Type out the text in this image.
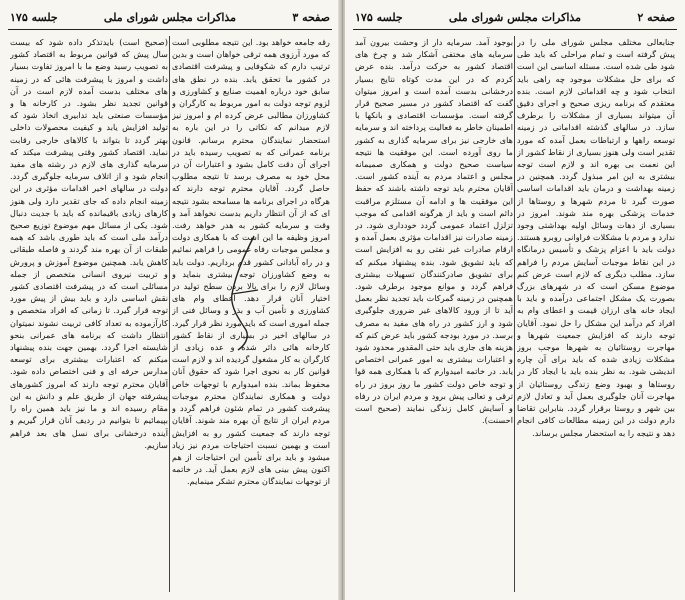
صفحه ۳
مذاکرات مجلس شورای ملی
جلسه ۱۷۵

رقه جامعه خواهد بود. این نتیجه مطلوبی است که مورد آرزوی همه ترقی خواهان است و بدین ترتیب دارم که شکوفایی و پیشرفت اقتصادی در کشور ما تحقق یابد. بنده در نطق های سابق خود درباره اهمیت صنایع و کشاورزی و لزوم توجه دولت به امور مربوط به کارگران و کشاورزان مطالبی عرض کرده ام و امروز نیز لازم میدانم که نکاتی را در این باره به استحضار نمایندگان محترم برسانم. قانون برنامه عمرانی که به تصویب رسیده باید در اجرای آن دقت کامل بشود و اعتبارات آن در محل خود به مصرف برسد تا نتیجه مطلوب حاصل گردد. آقایان محترم توجه دارند که هرگاه در اجرای برنامه ها مسامحه بشود نتیجه ای که از آن انتظار داریم بدست نخواهد آمد و وقت و سرمایه کشور به هدر خواهد رفت. امروز وظیفه ما این است که با همکاری دولت و مجلس موجبات رفاه عمومی را فراهم نمائیم و در راه آبادانی کشور قدم برداریم. دولت باید به وضع کشاورزان توجه بیشتری بنماید و وسائل لازم را برای بالا بردن سطح تولید در اختیار آنان قرار دهد. اعطای وام های کشاورزی و تأمین آب و بذر و وسائل فنی از جمله اموری است که باید مورد نظر قرار گیرد. در سالهای اخیر در بسیاری از نقاط کشور کارخانه هائی دائر شده و عده زیادی از کارگران به کار مشغول گردیده اند و لازم است قوانین کار به نحوی اجرا شود که حقوق آنان محفوظ بماند. بنده امیدوارم با توجهات خاص دولت و همکاری نمایندگان محترم موجبات پیشرفت کشور در تمام شئون فراهم گردد و مردم ایران از نتایج آن بهره مند شوند. آقایان توجه دارند که جمعیت کشور رو به افزایش است و بهمین نسبت احتیاجات مردم نیز زیاد میشود و باید برای تأمین این احتیاجات از هم اکنون پیش بینی های لازم بعمل آید. در خاتمه از توجهات نمایندگان محترم تشکر مینمایم.

(صحیح است) بایدتذکر داده شود که بیست سال پیش که قوانین مربوط به اقتصاد کشور به تصویب رسید وضع ما با امروز تفاوت بسیار داشت و امروز با پیشرفت هائی که در زمینه های مختلف بدست آمده لازم است در آن قوانین تجدید نظر بشود. در کارخانه ها و مؤسسات صنعتی باید تدابیری اتخاذ شود که تولید افزایش یابد و کیفیت محصولات داخلی بهتر گردد تا بتواند با کالاهای خارجی رقابت نماید. اقتصاد کشور وقتی پیشرفت میکند که سرمایه گذاری های لازم در رشته های مفید انجام شود و از اتلاف سرمایه جلوگیری گردد. دولت در سالهای اخیر اقدامات مؤثری در این زمینه انجام داده که جای تقدیر دارد ولی هنوز کارهای زیادی باقیمانده که باید با جدیت دنبال شود. یکی از مسائل مهم موضوع توزیع صحیح درآمد ملی است که باید طوری باشد که همه طبقات از آن بهره مند گردند و فاصله طبقاتی کاهش یابد. همچنین موضوع آموزش و پرورش و تربیت نیروی انسانی متخصص از جمله مسائلی است که در پیشرفت اقتصادی کشور نقش اساسی دارد و باید بیش از پیش مورد توجه قرار گیرد. تا زمانی که افراد متخصص و کارآزموده به تعداد کافی تربیت نشوند نمیتوان انتظار داشت که برنامه های عمرانی بنحو شایسته اجرا گردد. بهمین جهت بنده پیشنهاد میکنم که اعتبارات بیشتری برای توسعه مدارس حرفه ای و فنی اختصاص داده شود. آقایان محترم توجه دارند که امروز کشورهای پیشرفته جهان از طریق علم و دانش به این مقام رسیده اند و ما نیز باید همین راه را بپیمائیم تا بتوانیم در ردیف آنان قرار گیریم و آینده درخشانی برای نسل های بعد فراهم سازیم.

صفحه ۲
مذاکرات مجلس شورای ملی
جلسه ۱۷۵

جنابعالی مختلف مجلس شورای ملی را در پیش گرفته است و تمام مراحلی که باید طی شود طی شده است. مسئله اساسی این است که برای حل مشکلات موجود چه راهی باید انتخاب شود و چه اقداماتی لازم است. بنده معتقدم که برنامه ریزی صحیح و اجرای دقیق آن میتواند بسیاری از مشکلات را برطرف سازد. در سالهای گذشته اقداماتی در زمینه توسعه راهها و ارتباطات بعمل آمده که مورد تقدیر است ولی هنوز بسیاری از نقاط کشور از این نعمت بی بهره اند و لازم است توجه بیشتری به این امر مبذول گردد. همچنین در زمینه بهداشت و درمان باید اقدامات اساسی صورت گیرد تا مردم شهرها و روستاها از خدمات پزشکی بهره مند شوند. امروز در بسیاری از دهات وسائل اولیه بهداشتی وجود ندارد و مردم با مشکلات فراوانی روبرو هستند. دولت باید با اعزام پزشک و تأسیس درمانگاه در این نقاط موجبات آسایش مردم را فراهم سازد. مطلب دیگری که لازم است عرض کنم موضوع مسکن است که در شهرهای بزرگ بصورت یک مشکل اجتماعی درآمده و باید با ایجاد خانه های ارزان قیمت و اعطای وام به افراد کم درآمد این مشکل را حل نمود. آقایان توجه دارند که افزایش جمعیت شهرها و مهاجرت روستائیان به شهرها موجب بروز مشکلات زیادی شده که باید برای آن چاره اندیشی شود. به نظر بنده باید با ایجاد کار در روستاها و بهبود وضع زندگی روستائیان از مهاجرت آنان جلوگیری بعمل آید و تعادل لازم بین شهر و روستا برقرار گردد. بنابراین تقاضا دارم دولت در این زمینه مطالعات کافی انجام دهد و نتیجه را به استحضار مجلس برساند.

بوجود آمد. سرمایه دار از وحشت بیرون آمد سرمایه های مختفی آشکار شد و چرخ های اقتصاد کشور به حرکت درآمد. بنده عرض کردم که در این مدت کوتاه نتایج بسیار درخشانی بدست آمده است و امروز میتوان گفت که اقتصاد کشور در مسیر صحیح قرار گرفته است. مؤسسات اقتصادی و بانکها با اطمینان خاطر به فعالیت پرداخته اند و سرمایه های خارجی نیز برای سرمایه گذاری به کشور ما روی آورده است. این موفقیت ها نتیجه سیاست صحیح دولت و همکاری صمیمانه مجلس و اعتماد مردم به آینده کشور است. آقایان محترم باید توجه داشته باشند که حفظ این موفقیت ها و ادامه آن مستلزم مراقبت دائم است و باید از هرگونه اقدامی که موجب تزلزل اعتماد عمومی گردد خودداری شود. در زمینه صادرات نیز اقدامات مؤثری بعمل آمده و ارقام صادرات غیر نفتی رو به افزایش است که باید تشویق شود. بنده پیشنهاد میکنم که برای تشویق صادرکنندگان تسهیلات بیشتری فراهم گردد و موانع موجود برطرف شود. همچنین در زمینه گمرکات باید تجدید نظر بعمل آید تا از ورود کالاهای غیر ضروری جلوگیری شود و ارز کشور در راه های مفید به مصرف برسد. در مورد بودجه کشور باید عرض کنم که هزینه های جاری باید حتی المقدور محدود شود و اعتبارات بیشتری به امور عمرانی اختصاص یابد. در خاتمه امیدوارم که با همکاری همه قوا و توجه خاص دولت کشور ما روز بروز در راه ترقی و تعالی پیش برود و مردم ایران در رفاه و آسایش کامل زندگی نمایند (صحیح است احسنت).
